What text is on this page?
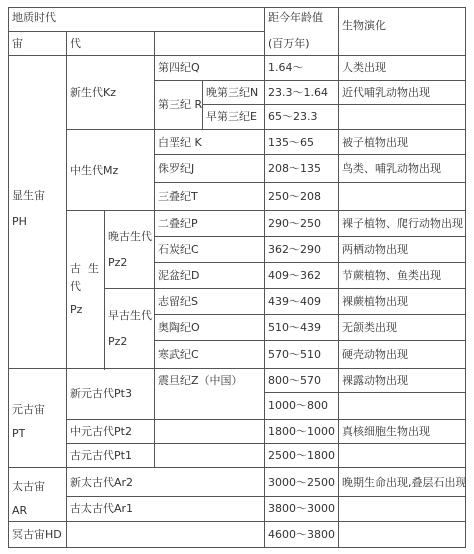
地质时代
宙	代
距今年龄值
(百万年)
生物演化
显生宙
PH
元古宙
PT
太古宙
AR
冥古宙HD
新生代Kz
中生代Mz
古 生
代
Pz
晚古生代
Pz2
早古生代
Pz2
新元古代Pt3
中元古代Pt2
古元古代Pt1
新太古代Ar2
古太古代Ar1
第四纪Q
第三纪 R
晚第三纪N
早第三纪E
白垩纪 K
侏罗纪J
三叠纪T
二叠纪P
石炭纪C
泥盆纪D
志留纪S
奥陶纪O
寒武纪C
震旦纪Z（中国）
1.64～
23.3～1.64
65～23.3
135～65
208～135
250～208
290～250
362～290
409～362
439～409
510～439
570～510
800～570
1000～800
1800～1000
2500～1800
3000～2500
3800～3000
4600～3800
人类出现
近代哺乳动物出现
被子植物出现
鸟类、哺乳动物出现
裸子植物、爬行动物出现
两栖动物出现
节蕨植物、鱼类出现
裸蕨植物出现
无颌类出现
硬壳动物出现
裸露动物出现
真核细胞生物出现
晚期生命出现,叠层石出现
